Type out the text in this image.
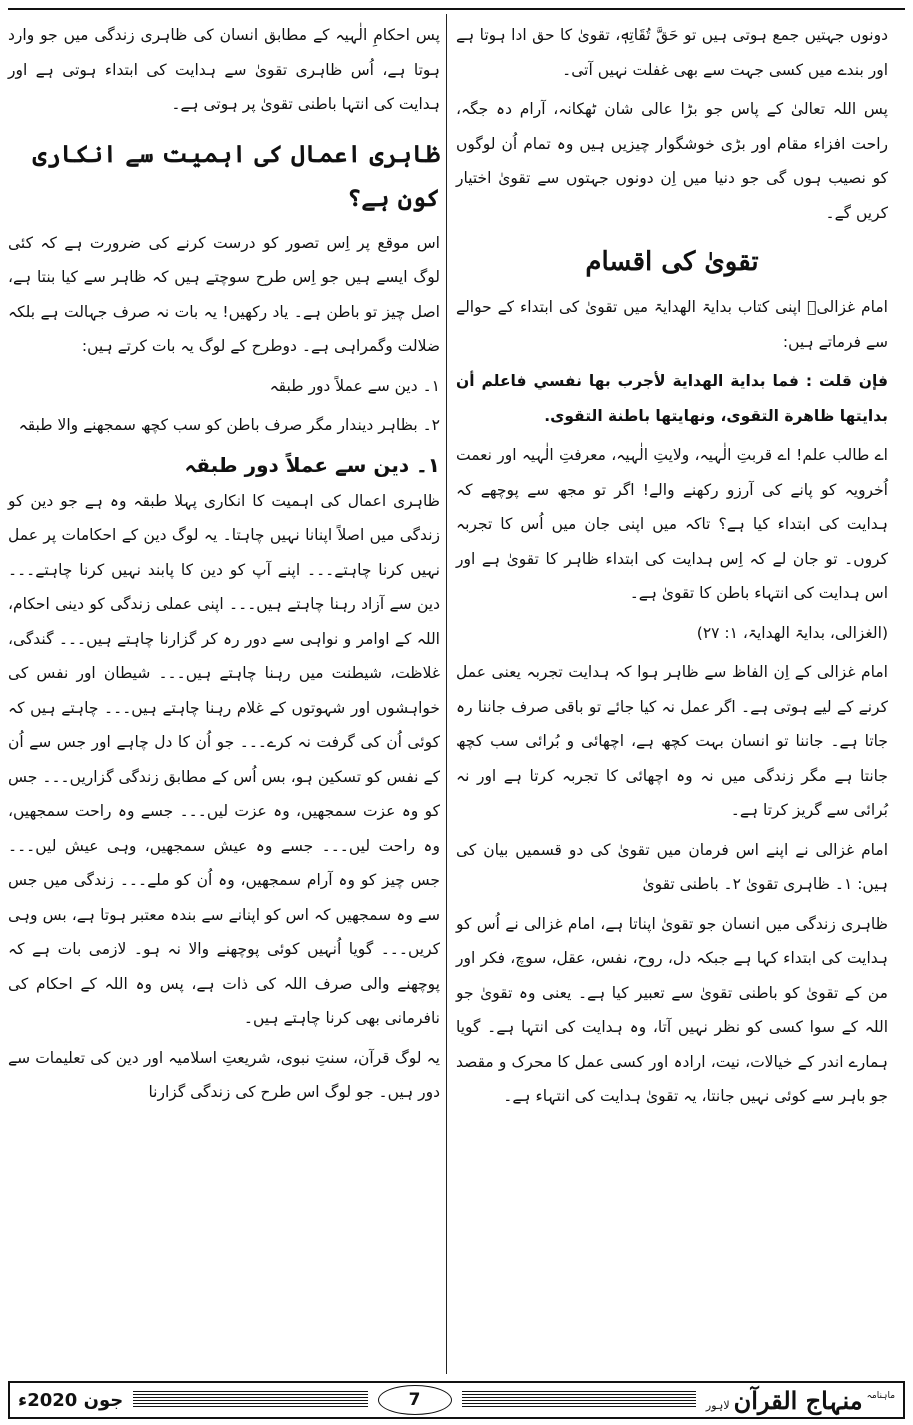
دونوں جہتیں جمع ہوتی ہیں تو حَقَّ تُقَاتِهٖ، تقویٰ کا حق ادا ہوتا ہے اور بندے میں کسی جہت سے بھی غفلت نہیں آتی۔

پس اللہ تعالیٰ کے پاس جو بڑا عالی شان ٹھکانہ، آرام دہ جگہ، راحت افزاء مقام اور بڑی خوشگوار چیزیں ہیں وہ تمام اُن لوگوں کو نصیب ہوں گی جو دنیا میں اِن دونوں جہتوں سے تقویٰ اختیار کریں گے۔

تقویٰ کی اقسام

امام غزالیؒ اپنی کتاب بدایۃ الھدایۃ میں تقویٰ کی ابتداء کے حوالے سے فرماتے ہیں:

فإن قلت : فما بداية الهداية لأجرب بها نفسي فاعلم أن بدايتها ظاهرة التقوى، ونهايتها باطنة التقوى.

اے طالب علم! اے قربتِ الٰہیہ، ولایتِ الٰہیہ، معرفتِ الٰہیہ اور نعمت اُخرویہ کو پانے کی آرزو رکھنے والے! اگر تو مجھ سے پوچھے کہ ہدایت کی ابتداء کیا ہے؟ تاکہ میں اپنی جان میں اُس کا تجربہ کروں۔ تو جان لے کہ اِس ہدایت کی ابتداء ظاہر کا تقویٰ ہے اور اس ہدایت کی انتہاء باطن کا تقویٰ ہے۔

(الغزالی، بدایۃ الھدایۃ، ۱: ۲۷)

امام غزالی کے اِن الفاظ سے ظاہر ہوا کہ ہدایت تجربہ یعنی عمل کرنے کے لیے ہوتی ہے۔ اگر عمل نہ کیا جائے تو باقی صرف جاننا رہ جاتا ہے۔ جاننا تو انسان بہت کچھ ہے، اچھائی و بُرائی سب کچھ جانتا ہے مگر زندگی میں نہ وہ اچھائی کا تجربہ کرتا ہے اور نہ بُرائی سے گریز کرتا ہے۔

امام غزالی نے اپنے اس فرمان میں تقویٰ کی دو قسمیں بیان کی ہیں: ۱۔ ظاہری تقویٰ ۲۔ باطنی تقویٰ

ظاہری زندگی میں انسان جو تقویٰ اپناتا ہے، امام غزالی نے اُس کو ہدایت کی ابتداء کہا ہے جبکہ دل، روح، نفس، عقل، سوچ، فکر اور من کے تقویٰ کو باطنی تقویٰ سے تعبیر کیا ہے۔ یعنی وہ تقویٰ جو اللہ کے سوا کسی کو نظر نہیں آتا، وہ ہدایت کی انتہا ہے۔ گویا ہمارے اندر کے خیالات، نیت، ارادہ اور کسی عمل کا محرک و مقصد جو باہر سے کوئی نہیں جانتا، یہ تقویٰ ہدایت کی انتہاء ہے۔

پس احکامِ الٰہیہ کے مطابق انسان کی ظاہری زندگی میں جو وارد ہوتا ہے، اُس ظاہری تقویٰ سے ہدایت کی ابتداء ہوتی ہے اور ہدایت کی انتہا باطنی تقویٰ پر ہوتی ہے۔

ظاہری اعمال کی اہمیت سے انکاری کون ہے؟

اس موقع پر اِس تصور کو درست کرنے کی ضرورت ہے کہ کئی لوگ ایسے ہیں جو اِس طرح سوچتے ہیں کہ ظاہر سے کیا بنتا ہے، اصل چیز تو باطن ہے۔ یاد رکھیں! یہ بات نہ صرف جہالت ہے بلکہ ضلالت وگمراہی ہے۔ دوطرح کے لوگ یہ بات کرتے ہیں:

۱۔ دین سے عملاً دور طبقہ

۲۔ بظاہر دیندار مگر صرف باطن کو سب کچھ سمجھنے والا طبقہ

۱۔ دین سے عملاً دور طبقہ

ظاہری اعمال کی اہمیت کا انکاری پہلا طبقہ وہ ہے جو دین کو زندگی میں اصلاً اپنانا نہیں چاہتا۔ یہ لوگ دین کے احکامات پر عمل نہیں کرنا چاہتے۔۔۔ اپنے آپ کو دین کا پابند نہیں کرنا چاہتے۔۔۔ دین سے آزاد رہنا چاہتے ہیں۔۔۔ اپنی عملی زندگی کو دینی احکام، اللہ کے اوامر و نواہی سے دور رہ کر گزارنا چاہتے ہیں۔۔۔ گندگی، غلاظت، شیطنت میں رہنا چاہتے ہیں۔۔۔ شیطان اور نفس کی خواہشوں اور شہوتوں کے غلام رہنا چاہتے ہیں۔۔۔ چاہتے ہیں کہ کوئی اُن کی گرفت نہ کرے۔۔۔ جو اُن کا دل چاہے اور جس سے اُن کے نفس کو تسکین ہو، بس اُس کے مطابق زندگی گزاریں۔۔۔ جس کو وہ عزت سمجھیں، وہ عزت لیں۔۔۔ جسے وہ راحت سمجھیں، وہ راحت لیں۔۔۔ جسے وہ عیش سمجھیں، وہی عیش لیں۔۔۔ جس چیز کو وہ آرام سمجھیں، وہ اُن کو ملے۔۔۔ زندگی میں جس سے وہ سمجھیں کہ اس کو اپنانے سے بندہ معتبر ہوتا ہے، بس وہی کریں۔۔۔ گویا اُنہیں کوئی پوچھنے والا نہ ہو۔ لازمی بات ہے کہ پوچھنے والی صرف اللہ کی ذات ہے، پس وہ اللہ کے احکام کی نافرمانی بھی کرنا چاہتے ہیں۔

یہ لوگ قرآن، سنتِ نبوی، شریعتِ اسلامیہ اور دین کی تعلیمات سے دور ہیں۔ جو لوگ اس طرح کی زندگی گزارنا

جون 2020ء	7	ماہنامہ
منہاج القرآن
لاہور
